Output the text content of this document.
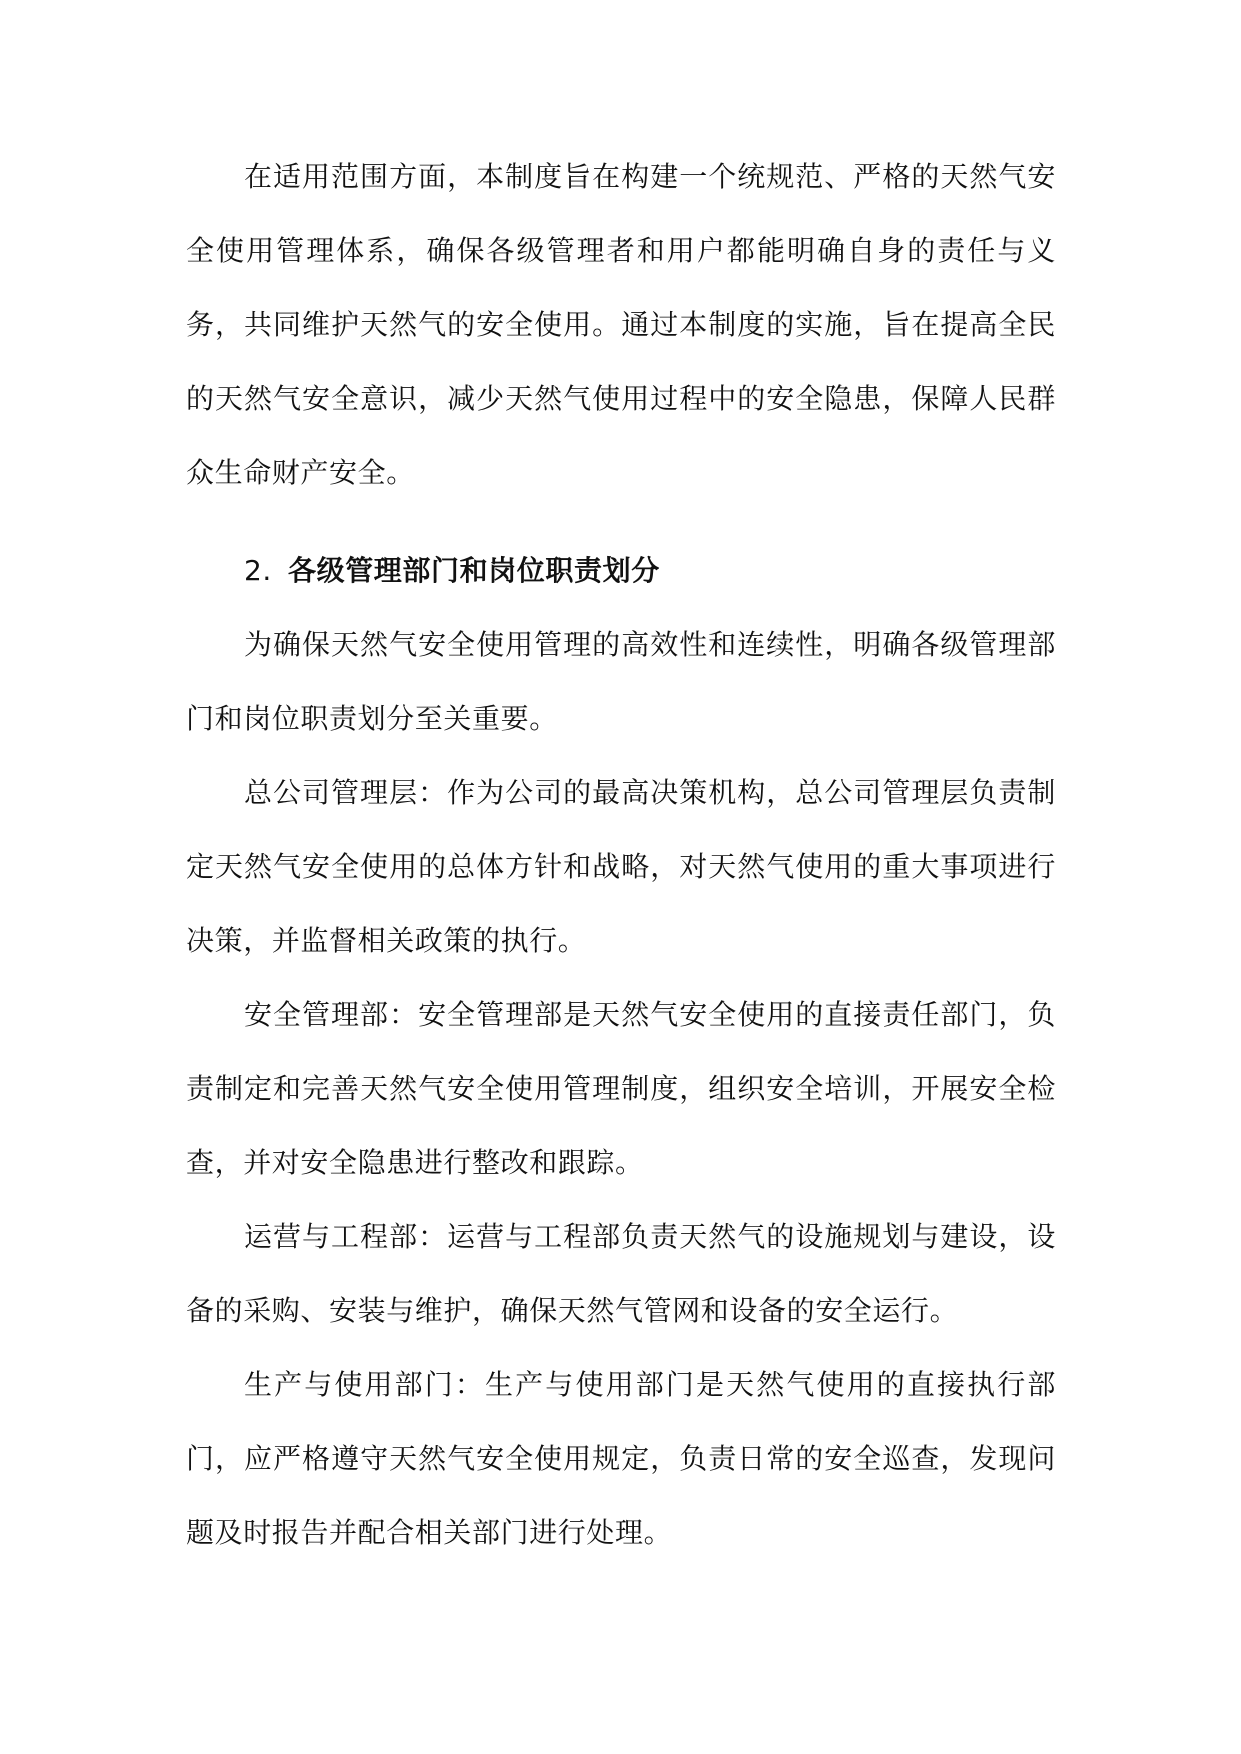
在适用范围方面，本制度旨在构建一个统规范、严格的天然气安全使用管理体系，确保各级管理者和用户都能明确自身的责任与义务，共同维护天然气的安全使用。通过本制度的实施，旨在提高全民的天然气安全意识，减少天然气使用过程中的安全隐患，保障人民群众生命财产安全。

2. 各级管理部门和岗位职责划分

为确保天然气安全使用管理的高效性和连续性，明确各级管理部门和岗位职责划分至关重要。

总公司管理层：作为公司的最高决策机构，总公司管理层负责制定天然气安全使用的总体方针和战略，对天然气使用的重大事项进行决策，并监督相关政策的执行。

安全管理部：安全管理部是天然气安全使用的直接责任部门，负责制定和完善天然气安全使用管理制度，组织安全培训，开展安全检查，并对安全隐患进行整改和跟踪。

运营与工程部：运营与工程部负责天然气的设施规划与建设，设备的采购、安装与维护，确保天然气管网和设备的安全运行。

生产与使用部门：生产与使用部门是天然气使用的直接执行部门，应严格遵守天然气安全使用规定，负责日常的安全巡查，发现问题及时报告并配合相关部门进行处理。
